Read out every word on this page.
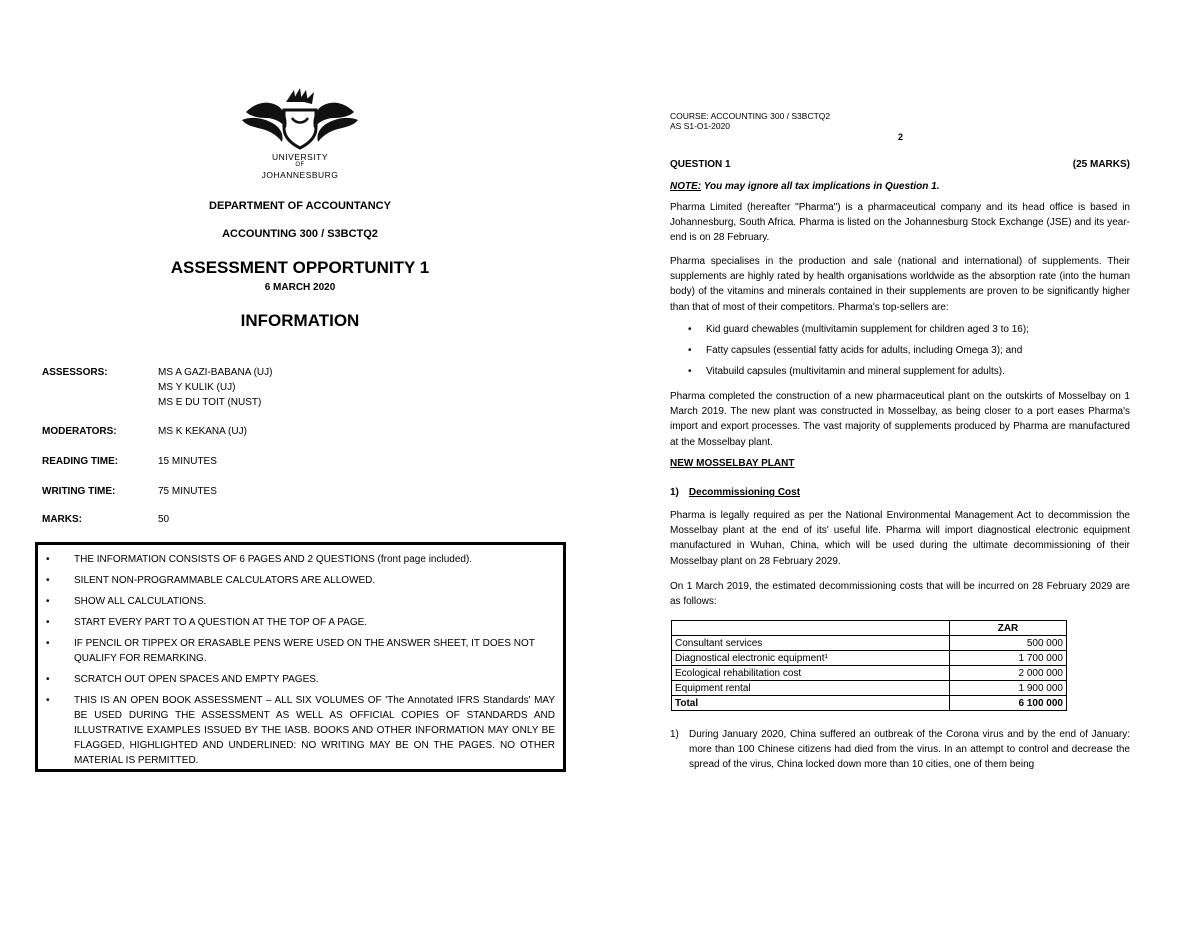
UNIVERSITY
OF
JOHANNESBURG
DEPARTMENT OF ACCOUNTANCY
ACCOUNTING 300 / S3BCTQ2
ASSESSMENT OPPORTUNITY 1
6 MARCH 2020
INFORMATION
ASSESSORS:	MS A GAZI-BABANA (UJ)
MS Y KULIK (UJ)
MS E DU TOIT (NUST)
MODERATORS:	MS K KEKANA (UJ)
READING TIME:	15 MINUTES
WRITING TIME:	75 MINUTES
MARKS:	50
• THE INFORMATION CONSISTS OF 6 PAGES AND 2 QUESTIONS (front page included).
• SILENT NON-PROGRAMMABLE CALCULATORS ARE ALLOWED.
• SHOW ALL CALCULATIONS.
• START EVERY PART TO A QUESTION AT THE TOP OF A PAGE.
• IF PENCIL OR TIPPEX OR ERASABLE PENS WERE USED ON THE ANSWER SHEET, IT DOES NOT QUALIFY FOR REMARKING.
• SCRATCH OUT OPEN SPACES AND EMPTY PAGES.
• THIS IS AN OPEN BOOK ASSESSMENT – ALL SIX VOLUMES OF 'The Annotated IFRS Standards' MAY BE USED DURING THE ASSESSMENT AS WELL AS OFFICIAL COPIES OF STANDARDS AND ILLUSTRATIVE EXAMPLES ISSUED BY THE IASB. BOOKS AND OTHER INFORMATION MAY ONLY BE FLAGGED, HIGHLIGHTED AND UNDERLINED: NO WRITING MAY BE ON THE PAGES. NO OTHER MATERIAL IS PERMITTED.
COURSE: ACCOUNTING 300 / S3BCTQ2
AS S1-O1-2020
2
QUESTION 1	(25 MARKS)
NOTE: You may ignore all tax implications in Question 1.
Pharma Limited (hereafter "Pharma") is a pharmaceutical company and its head office is based in Johannesburg, South Africa. Pharma is listed on the Johannesburg Stock Exchange (JSE) and its year-end is on 28 February.
Pharma specialises in the production and sale (national and international) of supplements. Their supplements are highly rated by health organisations worldwide as the absorption rate (into the human body) of the vitamins and minerals contained in their supplements are proven to be significantly higher than that of most of their competitors. Pharma's top-sellers are:
• Kid guard chewables (multivitamin supplement for children aged 3 to 16);
• Fatty capsules (essential fatty acids for adults, including Omega 3); and
• Vitabuild capsules (multivitamin and mineral supplement for adults).
Pharma completed the construction of a new pharmaceutical plant on the outskirts of Mosselbay on 1 March 2019. The new plant was constructed in Mosselbay, as being closer to a port eases Pharma's import and export processes. The vast majority of supplements produced by Pharma are manufactured at the Mosselbay plant.
NEW MOSSELBAY PLANT
1) Decommissioning Cost
Pharma is legally required as per the National Environmental Management Act to decommission the Mosselbay plant at the end of its' useful life. Pharma will import diagnostical electronic equipment manufactured in Wuhan, China, which will be used during the ultimate decommissioning of their Mosselbay plant on 28 February 2029.
On 1 March 2019, the estimated decommissioning costs that will be incurred on 28 February 2029 are as follows:
	ZAR
Consultant services	500 000
Diagnostical electronic equipment¹	1 700 000
Ecological rehabilitation cost	2 000 000
Equipment rental	1 900 000
Total	6 100 000
1)	During January 2020, China suffered an outbreak of the Corona virus and by the end of January: more than 100 Chinese citizens had died from the virus. In an attempt to control and decrease the spread of the virus, China locked down more than 10 cities, one of them being
